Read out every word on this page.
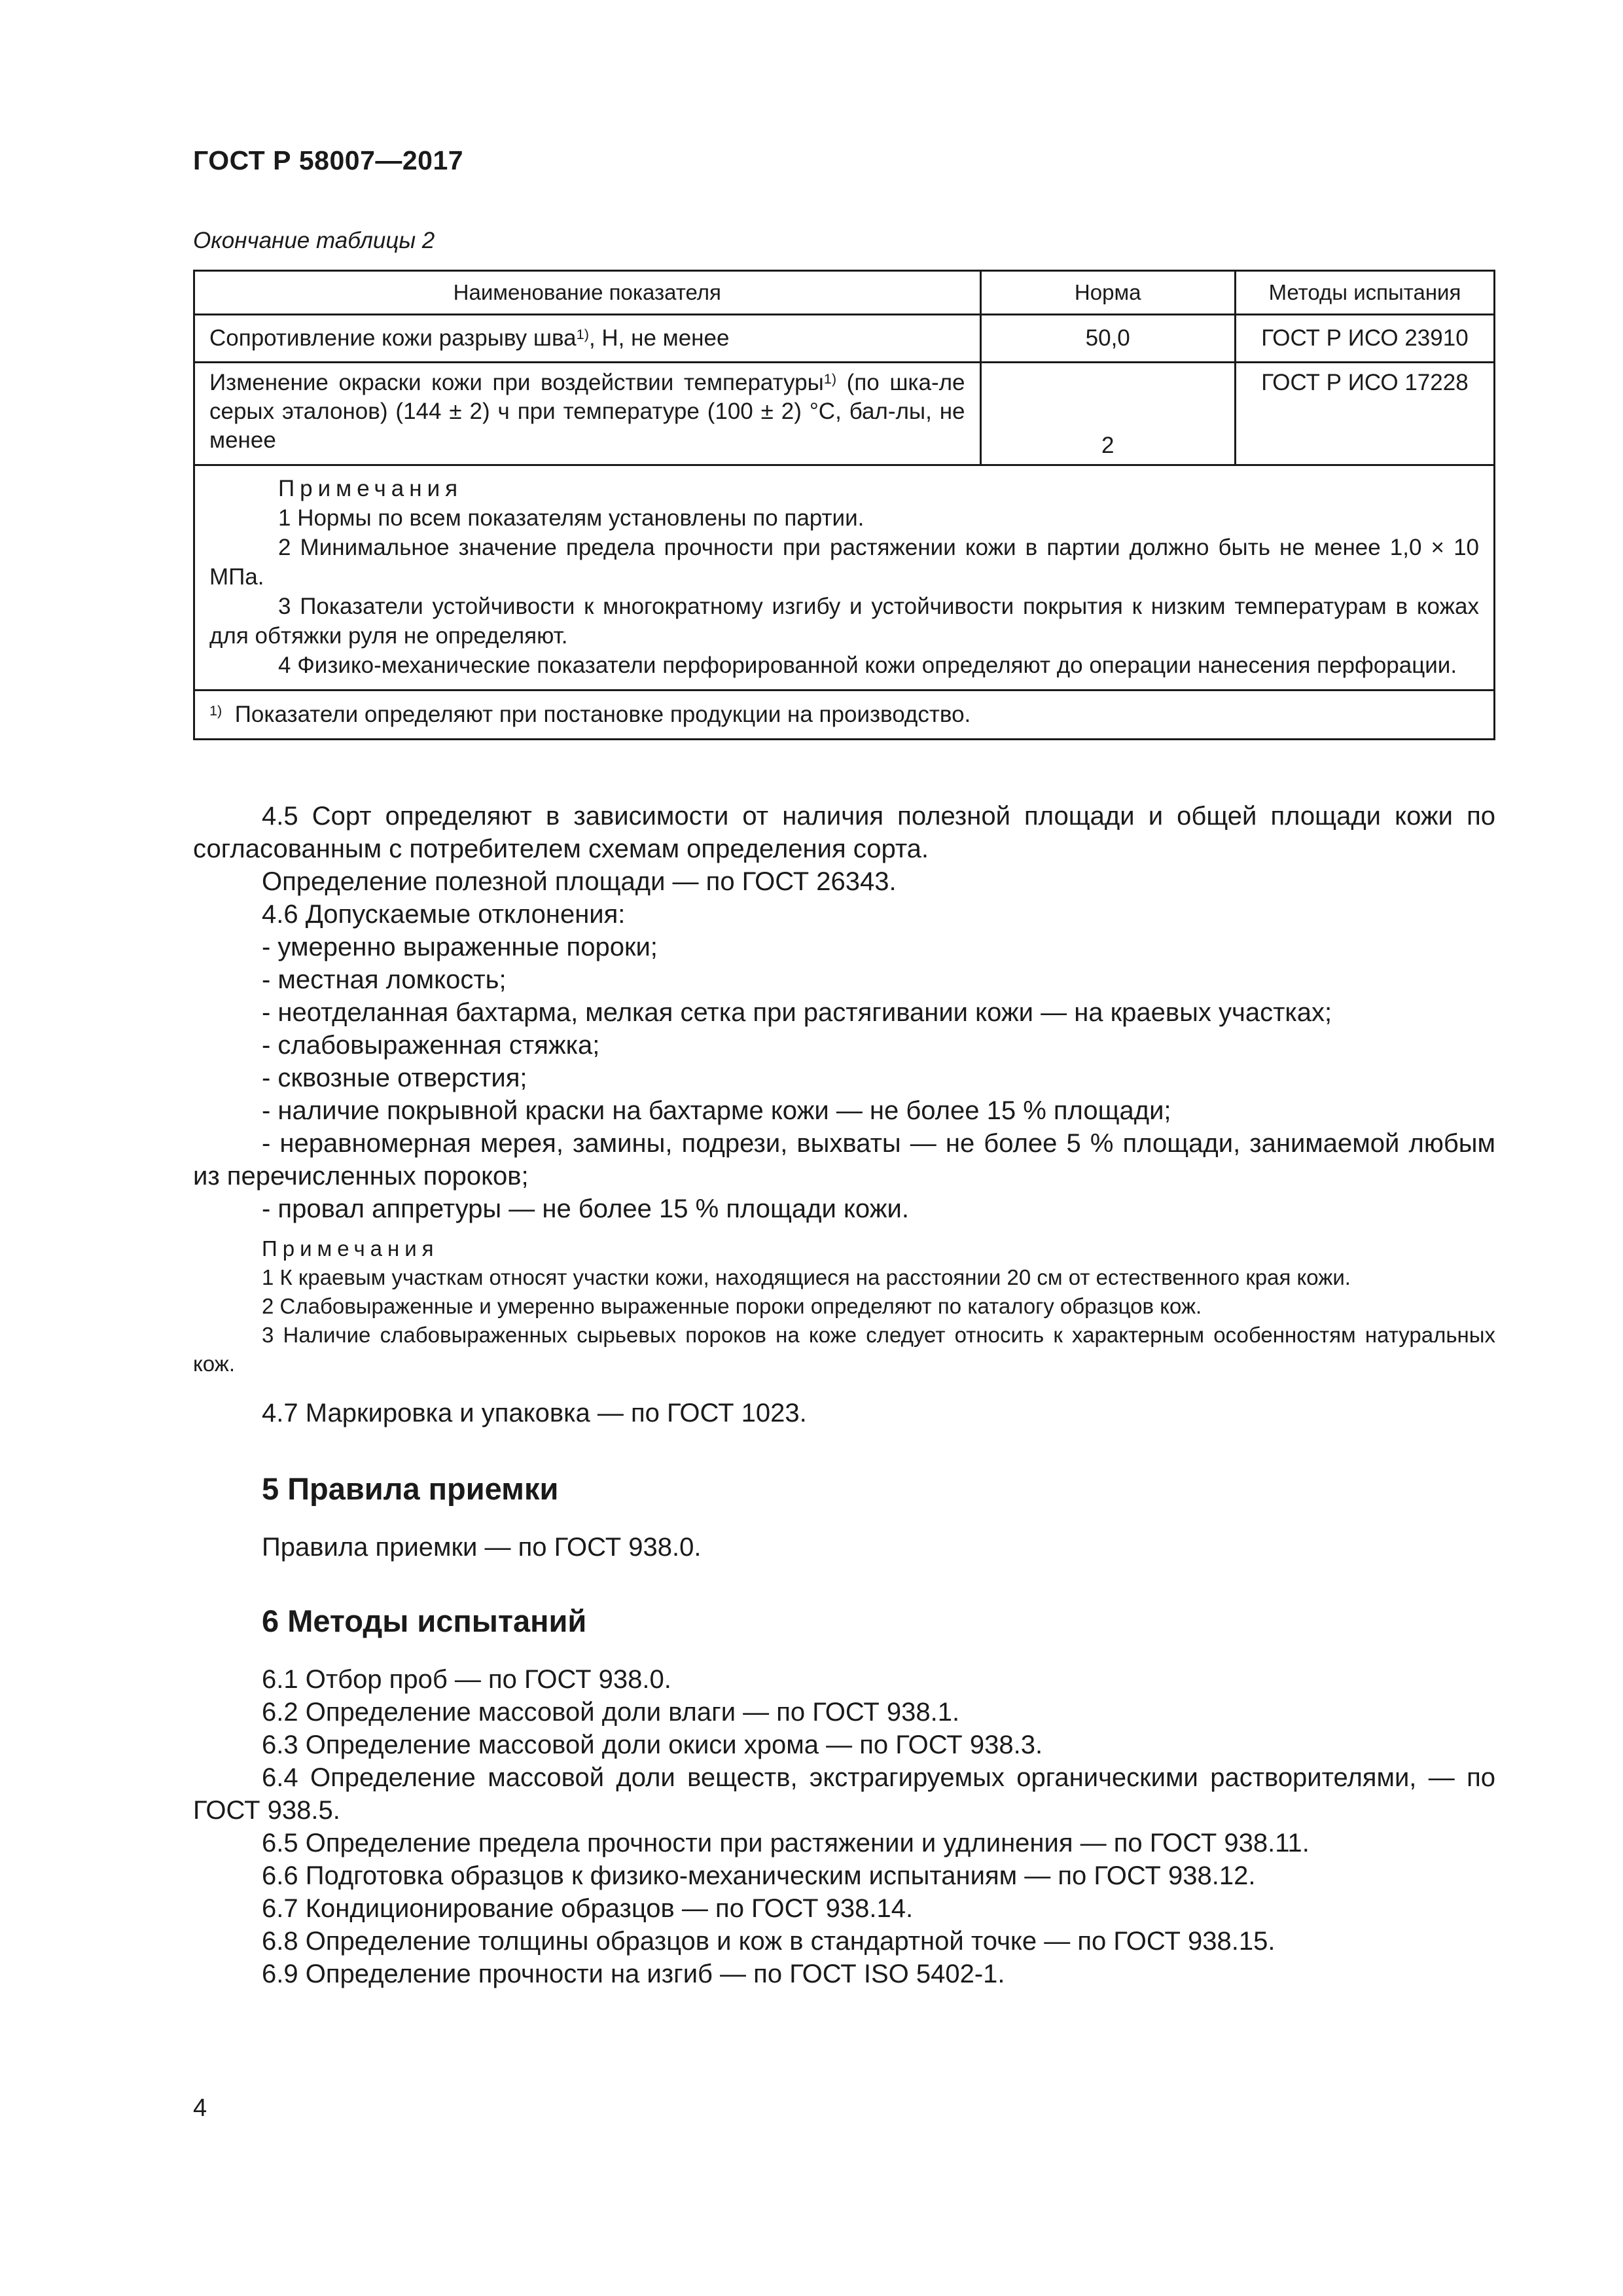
ГОСТ Р 58007—2017
Окончание таблицы 2
Наименование показателя	Норма	Методы испытания
Сопротивление кожи разрыву шва$^{1)}$, Н, не менее	50,0	ГОСТ Р ИСО 23910
Изменение окраски кожи при воздействии температуры$^{1)}$ (по шка-ле серых эталонов) (144 ± 2) ч при температуре (100 ± 2) °С, бал-лы, не менее	2	ГОСТ Р ИСО 17228

Примечания
1 Нормы по всем показателям установлены по партии.
2 Минимальное значение предела прочности при растяжении кожи в партии должно быть не менее 1,0 × 10 МПа.
3 Показатели устойчивости к многократному изгибу и устойчивости покрытия к низким температурам в кожах для обтяжки руля не определяют.
4 Физико-механические показатели перфорированной кожи определяют до операции нанесения перфорации.		

$^{1)}$ Показатели определяют при постановке продукции на производство.		

4.5 Сорт определяют в зависимости от наличия полезной площади и общей площади кожи по согласованным с потребителем схемам определения сорта.

Определение полезной площади — по ГОСТ 26343.

4.6 Допускаемые отклонения:

- умеренно выраженные пороки;

- местная ломкость;

- неотделанная бахтарма, мелкая сетка при растягивании кожи — на краевых участках;

- слабовыраженная стяжка;

- сквозные отверстия;

- наличие покрывной краски на бахтарме кожи — не более 15 % площади;

- неравномерная мерея, замины, подрези, выхваты — не более 5 % площади, занимаемой любым из перечисленных пороков;

- провал аппретуры — не более 15 % площади кожи.

Примечания

1 К краевым участкам относят участки кожи, находящиеся на расстоянии 20 см от естественного края кожи.

2 Слабовыраженные и умеренно выраженные пороки определяют по каталогу образцов кож.

3 Наличие слабовыраженных сырьевых пороков на коже следует относить к характерным особенностям натуральных кож.

4.7 Маркировка и упаковка — по ГОСТ 1023.

5 Правила приемки

Правила приемки — по ГОСТ 938.0.

6 Методы испытаний

6.1 Отбор проб — по ГОСТ 938.0.

6.2 Определение массовой доли влаги — по ГОСТ 938.1.

6.3 Определение массовой доли окиси хрома — по ГОСТ 938.3.

6.4 Определение массовой доли веществ, экстрагируемых органическими растворителями, — по ГОСТ 938.5.

6.5 Определение предела прочности при растяжении и удлинения — по ГОСТ 938.11.

6.6 Подготовка образцов к физико-механическим испытаниям — по ГОСТ 938.12.

6.7 Кондиционирование образцов — по ГОСТ 938.14.

6.8 Определение толщины образцов и кож в стандартной точке — по ГОСТ 938.15.

6.9 Определение прочности на изгиб — по ГОСТ ISO 5402-1.

4
